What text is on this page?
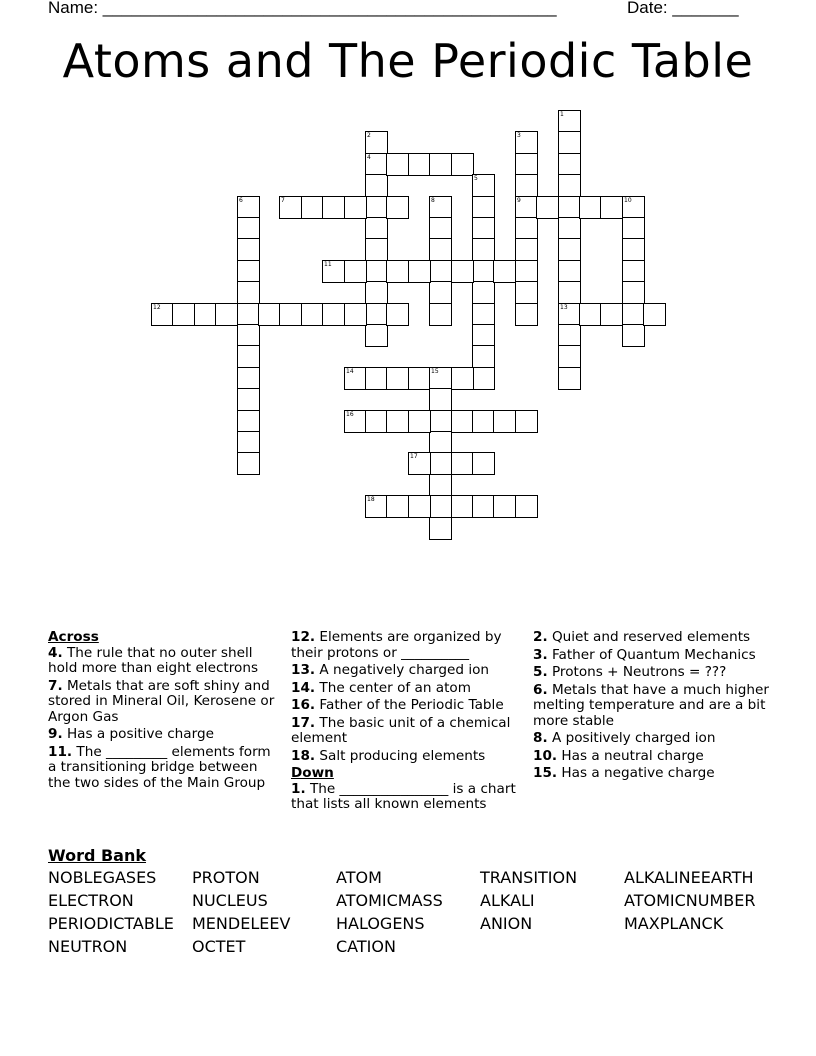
Name: ________________________________________________	Date: _______
Atoms and The Periodic Table
1
13
2
4
3
9
5
6	7	8	10
11
12
14	15
16
17
18
Across
4. The rule that no outer shell hold more than eight electrons
7. Metals that are soft shiny and stored in Mineral Oil, Kerosene or Argon Gas
9. Has a positive charge
11. The _________ elements form a transitioning bridge between the two sides of the Main Group
12. Elements are organized by their protons or __________
13. A negatively charged ion
14. The center of an atom
16. Father of the Periodic Table
17. The basic unit of a chemical element
18. Salt producing elements
Down
1. The ________________ is a chart that lists all known elements
2. Quiet and reserved elements
3. Father of Quantum Mechanics
5. Protons + Neutrons = ???
6. Metals that have a much higher melting temperature and are a bit more stable
8. A positively charged ion
10. Has a neutral charge
15. Has a negative charge
Word Bank
NOBLEGASES	PROTON	ATOM	TRANSITION	ALKALINEEARTH
ELECTRON	NUCLEUS	ATOMICMASS	ALKALI	ATOMICNUMBER
PERIODICTABLE	MENDELEEV	HALOGENS	ANION	MAXPLANCK
NEUTRON	OCTET	CATION
